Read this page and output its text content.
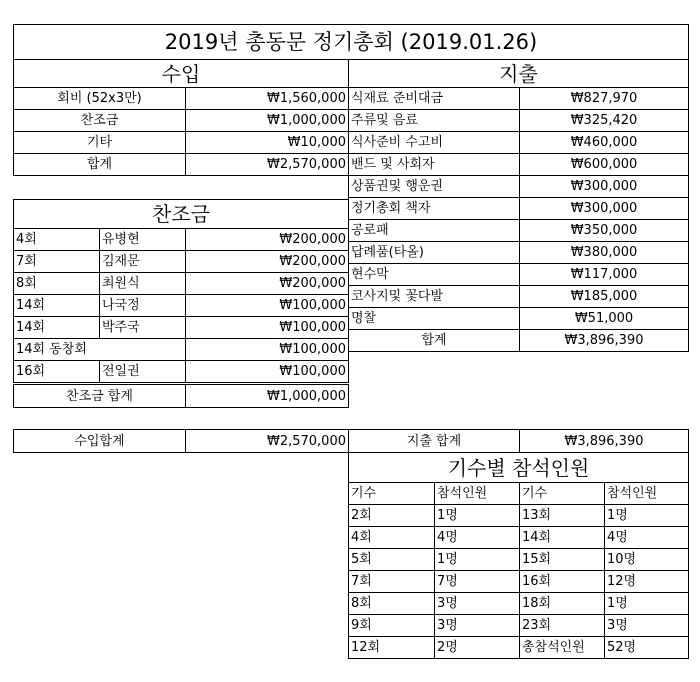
2019년 총동문 정기총회 (2019.01.26)
수입	지출
회비 (52x3만)	₩1,560,000
찬조금	₩1,000,000
기타	₩10,000
합계	₩2,570,000
찬조금
4회	유병현	₩200,000
7회	김재문	₩200,000
8회	최원식	₩200,000
14회	나국정	₩100,000
14회	박주국	₩100,000
14회 동창회	₩100,000
16회	전일권	₩100,000
찬조금 합계	₩1,000,000
식재료 준비대금	₩827,970
주류및 음료	₩325,420
식사준비 수고비	₩460,000
밴드 및 사회자	₩600,000
상품권및 행운권	₩300,000
정기총회 책자	₩300,000
공로패	₩350,000
답례품(타올)	₩380,000
현수막	₩117,000
코사지및 꽃다발	₩185,000
명찰	₩51,000
합계	₩3,896,390
수입합계	₩2,570,000	지출 합계	₩3,896,390
기수별 참석인원
기수	참석인원	기수	참석인원
2회	1명	13회	1명
4회	4명	14회	4명
5회	1명	15회	10명
7회	7명	16회	12명
8회	3명	18회	1명
9회	3명	23회	3명
12회	2명	총참석인원	52명
